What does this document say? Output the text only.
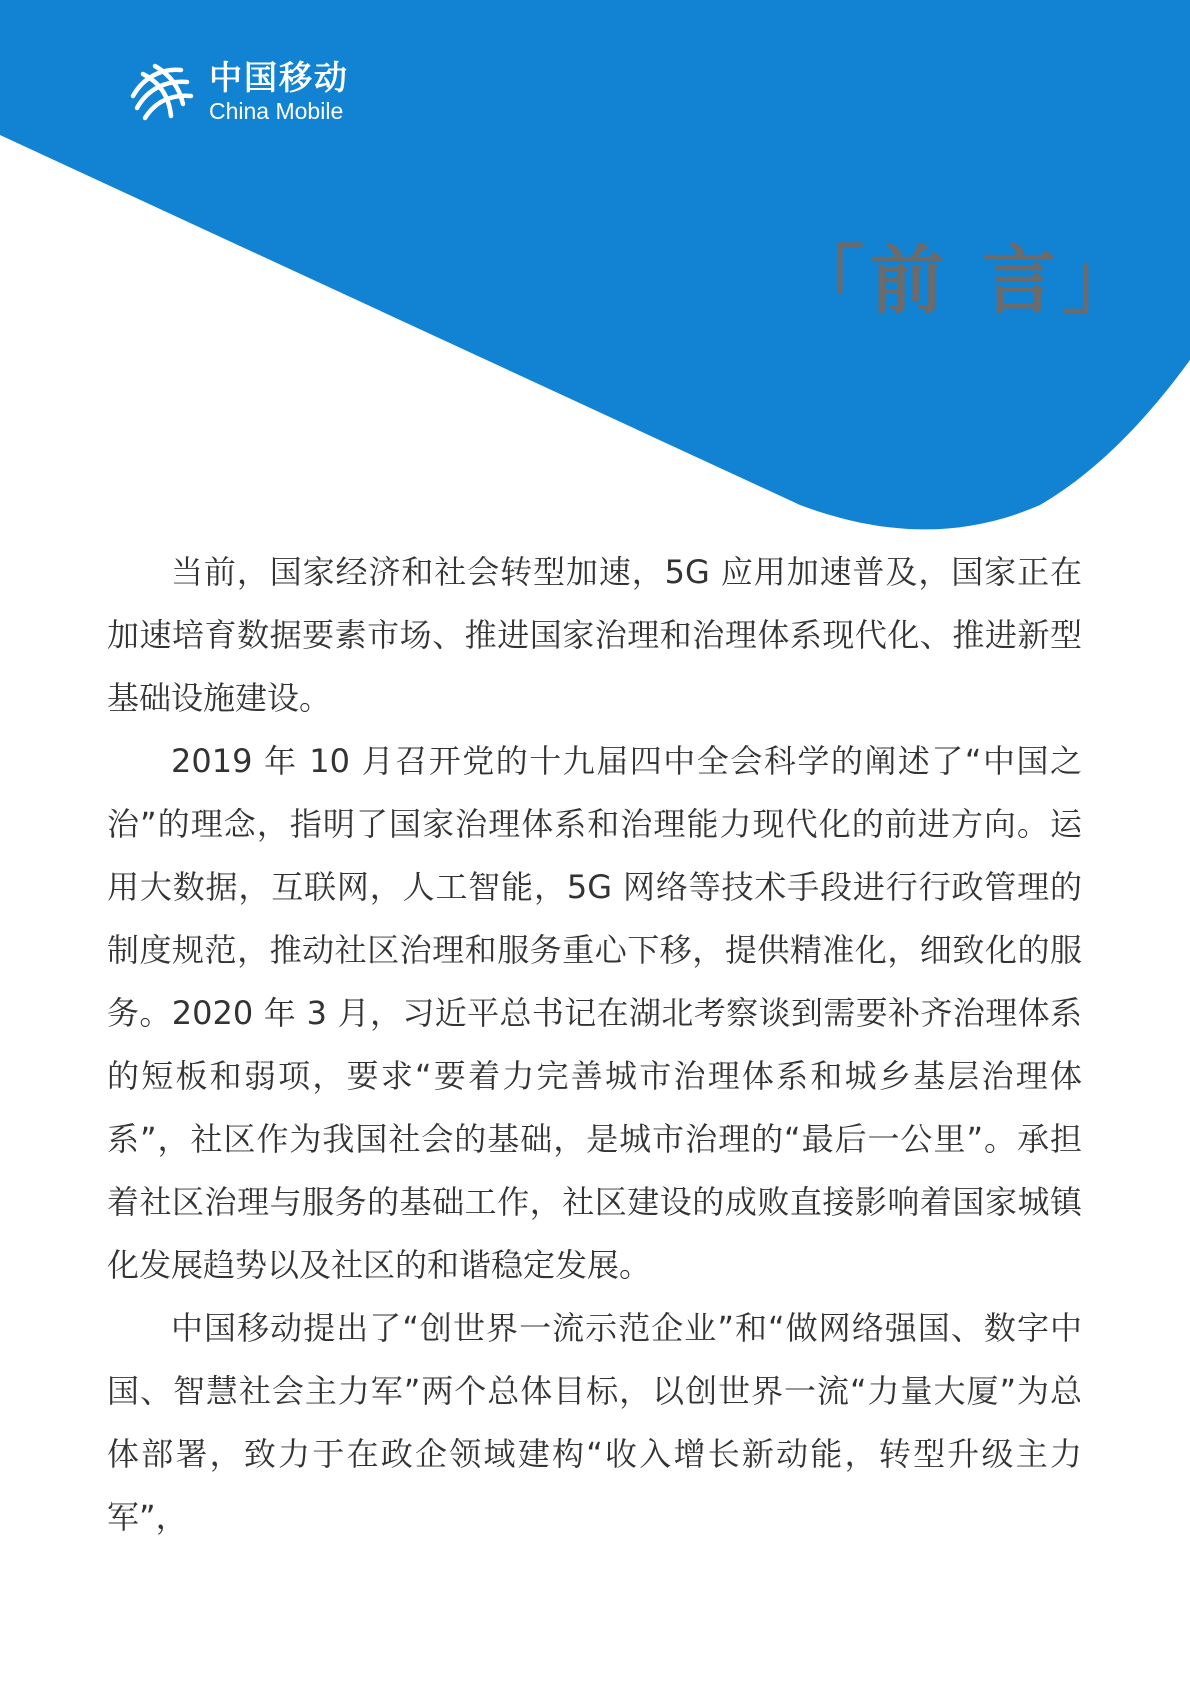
中国移动
China Mobile
「前 言」

当前，国家经济和社会转型加速，5G 应用加速普及，国家正在加速培育数据要素市场、推进国家治理和治理体系现代化、推进新型基础设施建设。

2019 年 10 月召开党的十九届四中全会科学的阐述了“中国之治”的理念，指明了国家治理体系和治理能力现代化的前进方向。运用大数据，互联网，人工智能，5G 网络等技术手段进行行政管理的制度规范，推动社区治理和服务重心下移，提供精准化，细致化的服务。2020 年 3 月，习近平总书记在湖北考察谈到需要补齐治理体系的短板和弱项，要求“要着力完善城市治理体系和城乡基层治理体系”，社区作为我国社会的基础，是城市治理的“最后一公里”。承担着社区治理与服务的基础工作，社区建设的成败直接影响着国家城镇化发展趋势以及社区的和谐稳定发展。

中国移动提出了“创世界一流示范企业”和“做网络强国、数字中国、智慧社会主力军”两个总体目标，以创世界一流“力量大厦”为总体部署，致力于在政企领域建构“收入增长新动能，转型升级主力军”，
